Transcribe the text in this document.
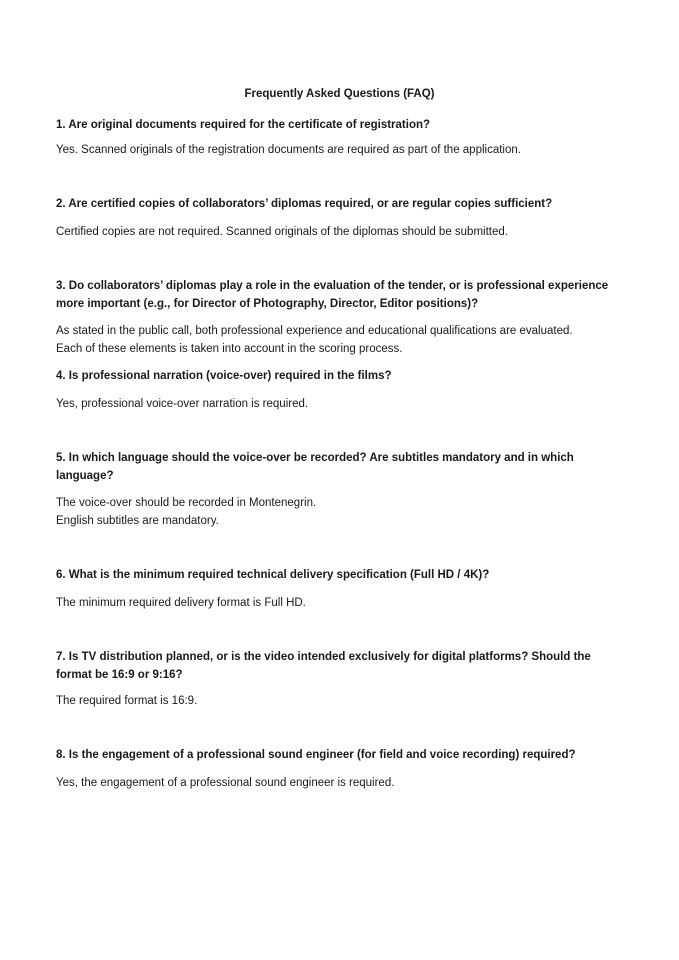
Frequently Asked Questions (FAQ)
1. Are original documents required for the certificate of registration?
Yes. Scanned originals of the registration documents are required as part of the application.
2. Are certified copies of collaborators’ diplomas required, or are regular copies sufficient?
Certified copies are not required. Scanned originals of the diplomas should be submitted.
3. Do collaborators’ diplomas play a role in the evaluation of the tender, or is professional experience
more important (e.g., for Director of Photography, Director, Editor positions)?
As stated in the public call, both professional experience and educational qualifications are evaluated.
Each of these elements is taken into account in the scoring process.
4. Is professional narration (voice-over) required in the films?
Yes, professional voice-over narration is required.
5. In which language should the voice-over be recorded? Are subtitles mandatory and in which
language?
The voice-over should be recorded in Montenegrin.
English subtitles are mandatory.
6. What is the minimum required technical delivery specification (Full HD / 4K)?
The minimum required delivery format is Full HD.
7. Is TV distribution planned, or is the video intended exclusively for digital platforms? Should the
format be 16:9 or 9:16?
The required format is 16:9.
8. Is the engagement of a professional sound engineer (for field and voice recording) required?
Yes, the engagement of a professional sound engineer is required.
